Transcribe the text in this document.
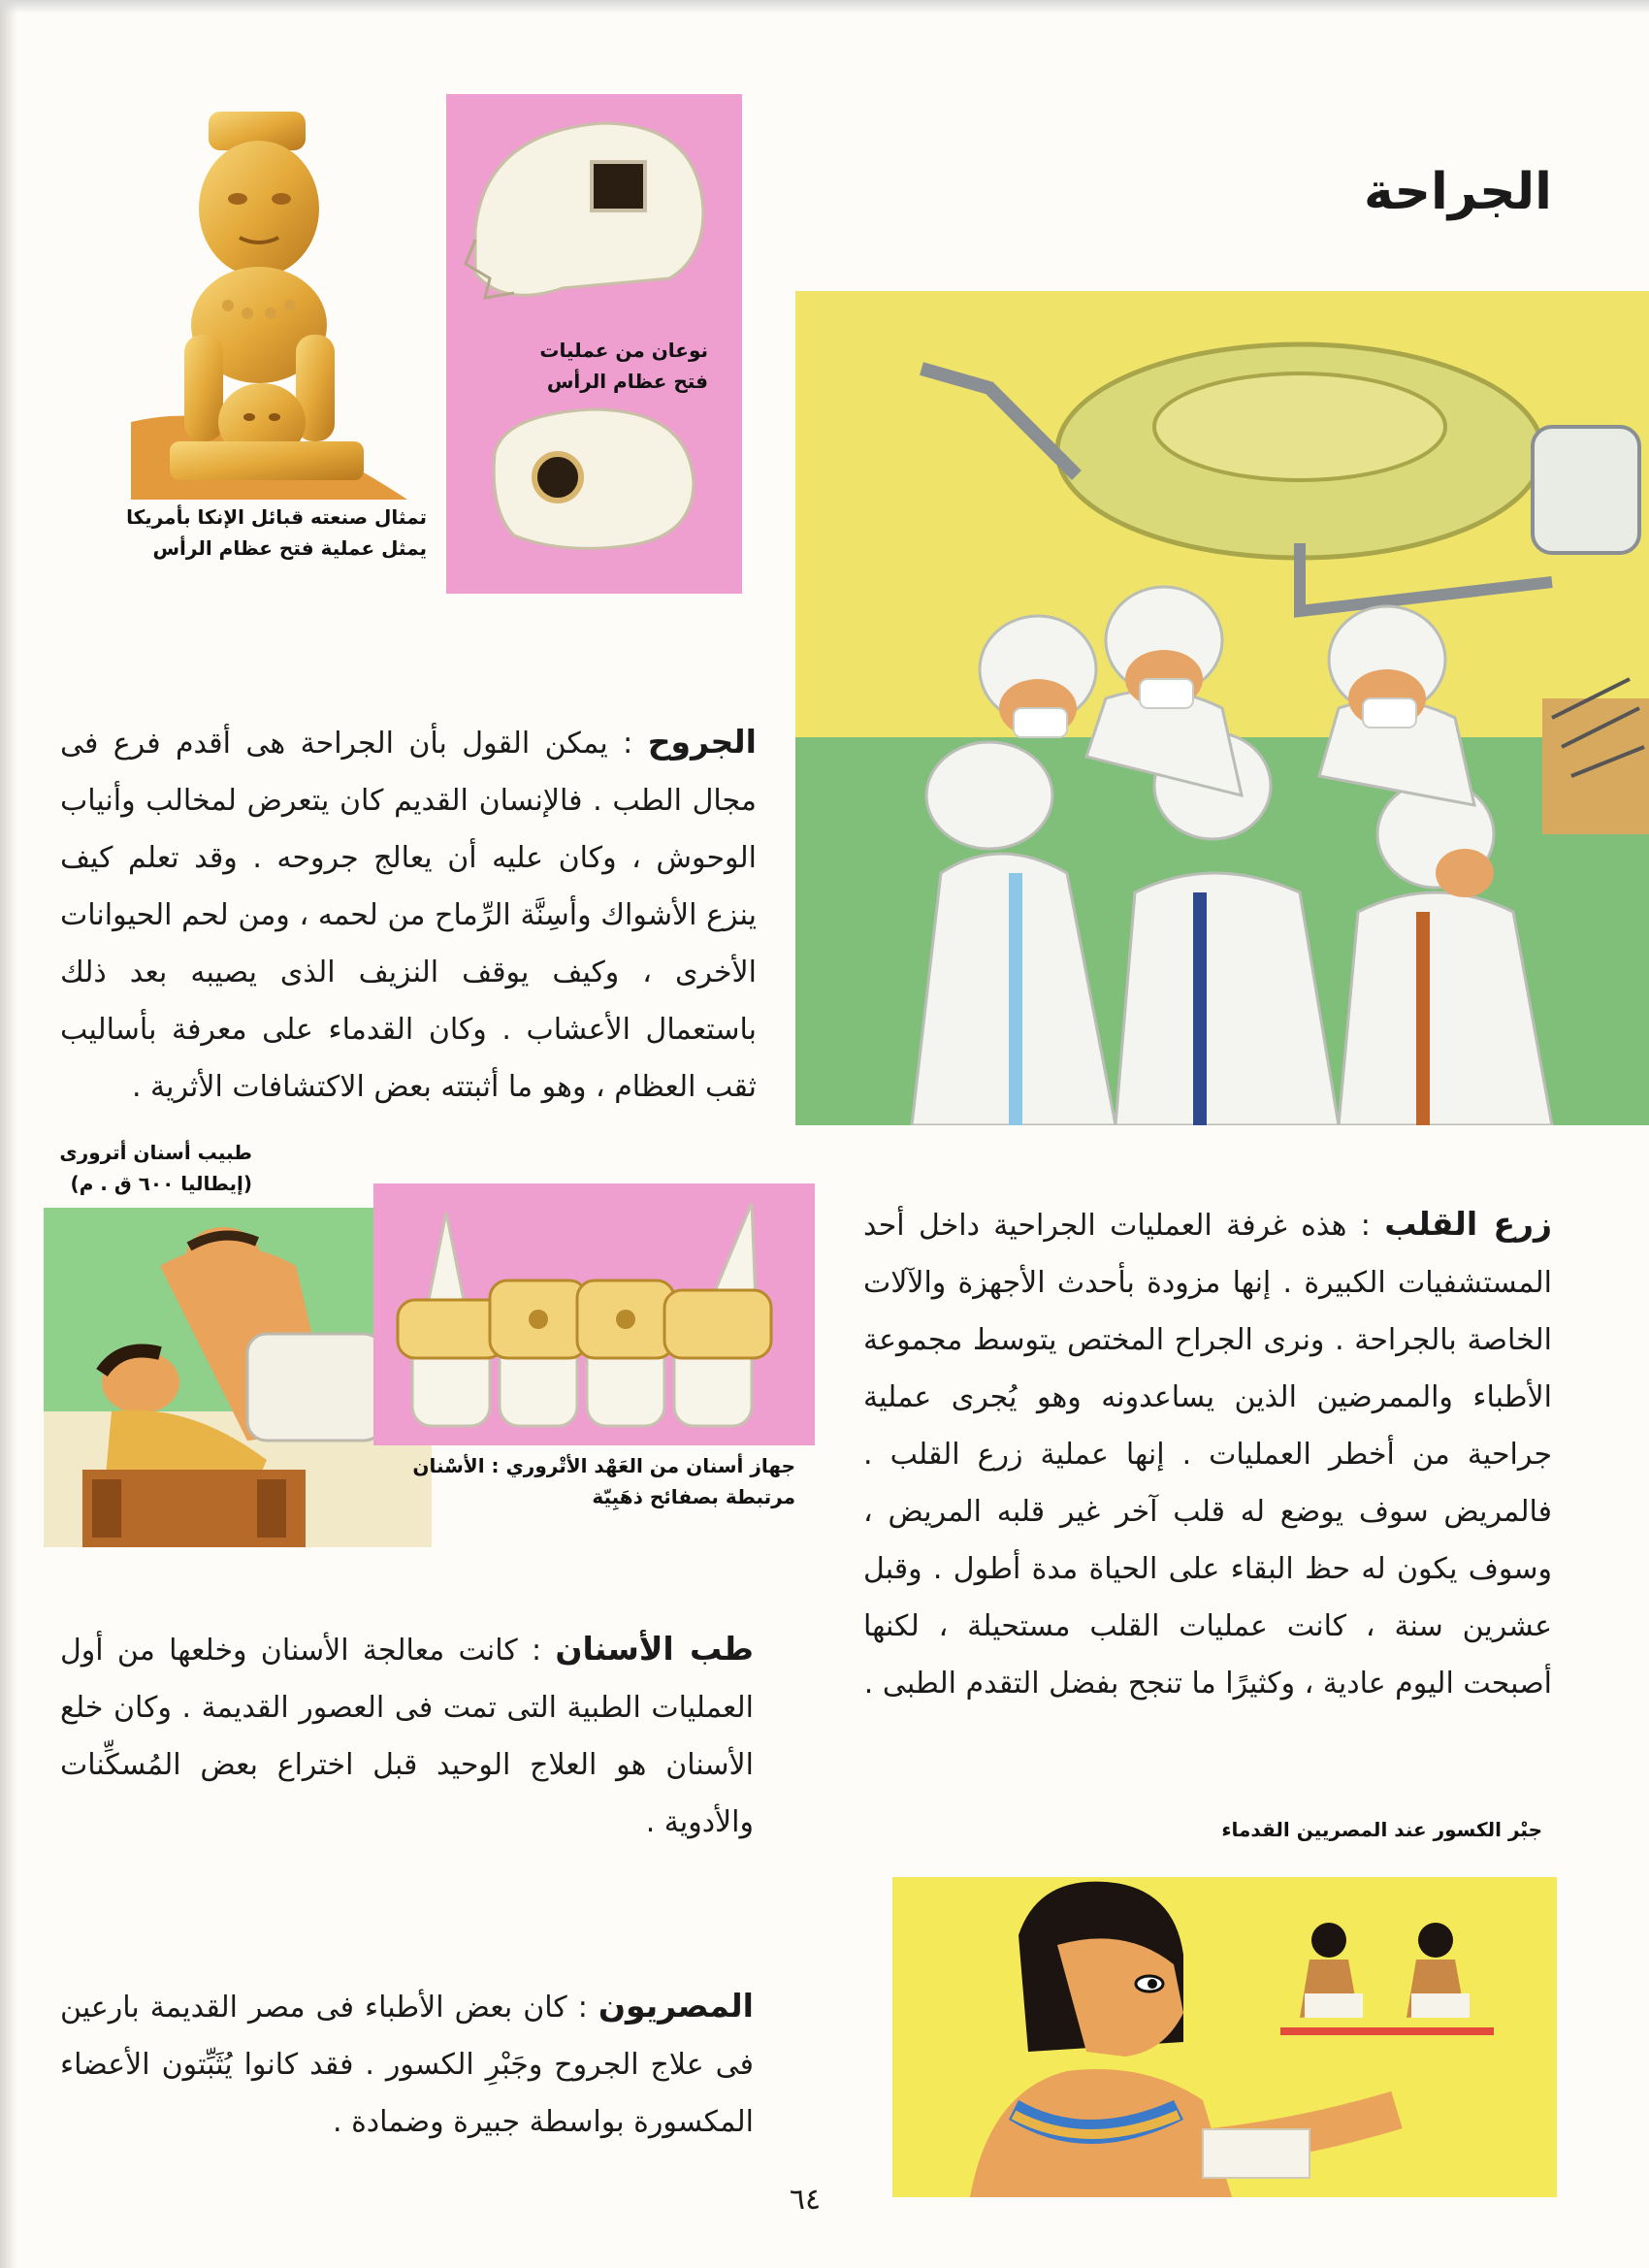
الجراحة
تمثال صنعته قبائل الإنكا بأمريكا
يمثل عملية فتح عظام الرأس
نوعان من عمليات
فتح عظام الرأس
الجروح : يمكن القول بأن الجراحة هى أقدم فرع فى مجال الطب . فالإنسان القديم كان يتعرض لمخالب وأنياب الوحوش ، وكان عليه أن يعالج جروحه . وقد تعلم كيف ينزع الأشواك وأسِنَّة الرِّماح من لحمه ، ومن لحم الحيوانات الأخرى ، وكيف يوقف النزيف الذى يصيبه بعد ذلك باستعمال الأعشاب . وكان القدماء على معرفة بأساليب ثقب العظام ، وهو ما أثبتته بعض الاكتشافات الأثرية .
طبيب أسنان أترورى
(إيطاليا ٦٠٠ ق . م)
جهاز أسنان من العَهْد الأتْروري : الأسْنان
مرتبطة بصفائح ذهَبِيّة
زرع القلب : هذه غرفة العمليات الجراحية داخل أحد المستشفيات الكبيرة . إنها مزودة بأحدث الأجهزة والآلات الخاصة بالجراحة . ونرى الجراح المختص يتوسط مجموعة الأطباء والممرضين الذين يساعدونه وهو يُجرى عملية جراحية من أخطر العمليات . إنها عملية زرع القلب . فالمريض سوف يوضع له قلب آخر غير قلبه المريض ، وسوف يكون له حظ البقاء على الحياة مدة أطول . وقبل عشرين سنة ، كانت عمليات القلب مستحيلة ، لكنها أصبحت اليوم عادية ، وكثيرًا ما تنجح بفضل التقدم الطبى .
طب الأسنان : كانت معالجة الأسنان وخلعها من أول العمليات الطبية التى تمت فى العصور القديمة . وكان خلع الأسنان هو العلاج الوحيد قبل اختراع بعض المُسكِّنات والأدوية .	جبْر الكسور عند المصريين القدماء
المصريون : كان بعض الأطباء فى مصر القديمة بارعين فى علاج الجروح وجَبْرِ الكسور . فقد كانوا يُثَبِّتون الأعضاء المكسورة بواسطة جبيرة وضمادة .
٦٤
